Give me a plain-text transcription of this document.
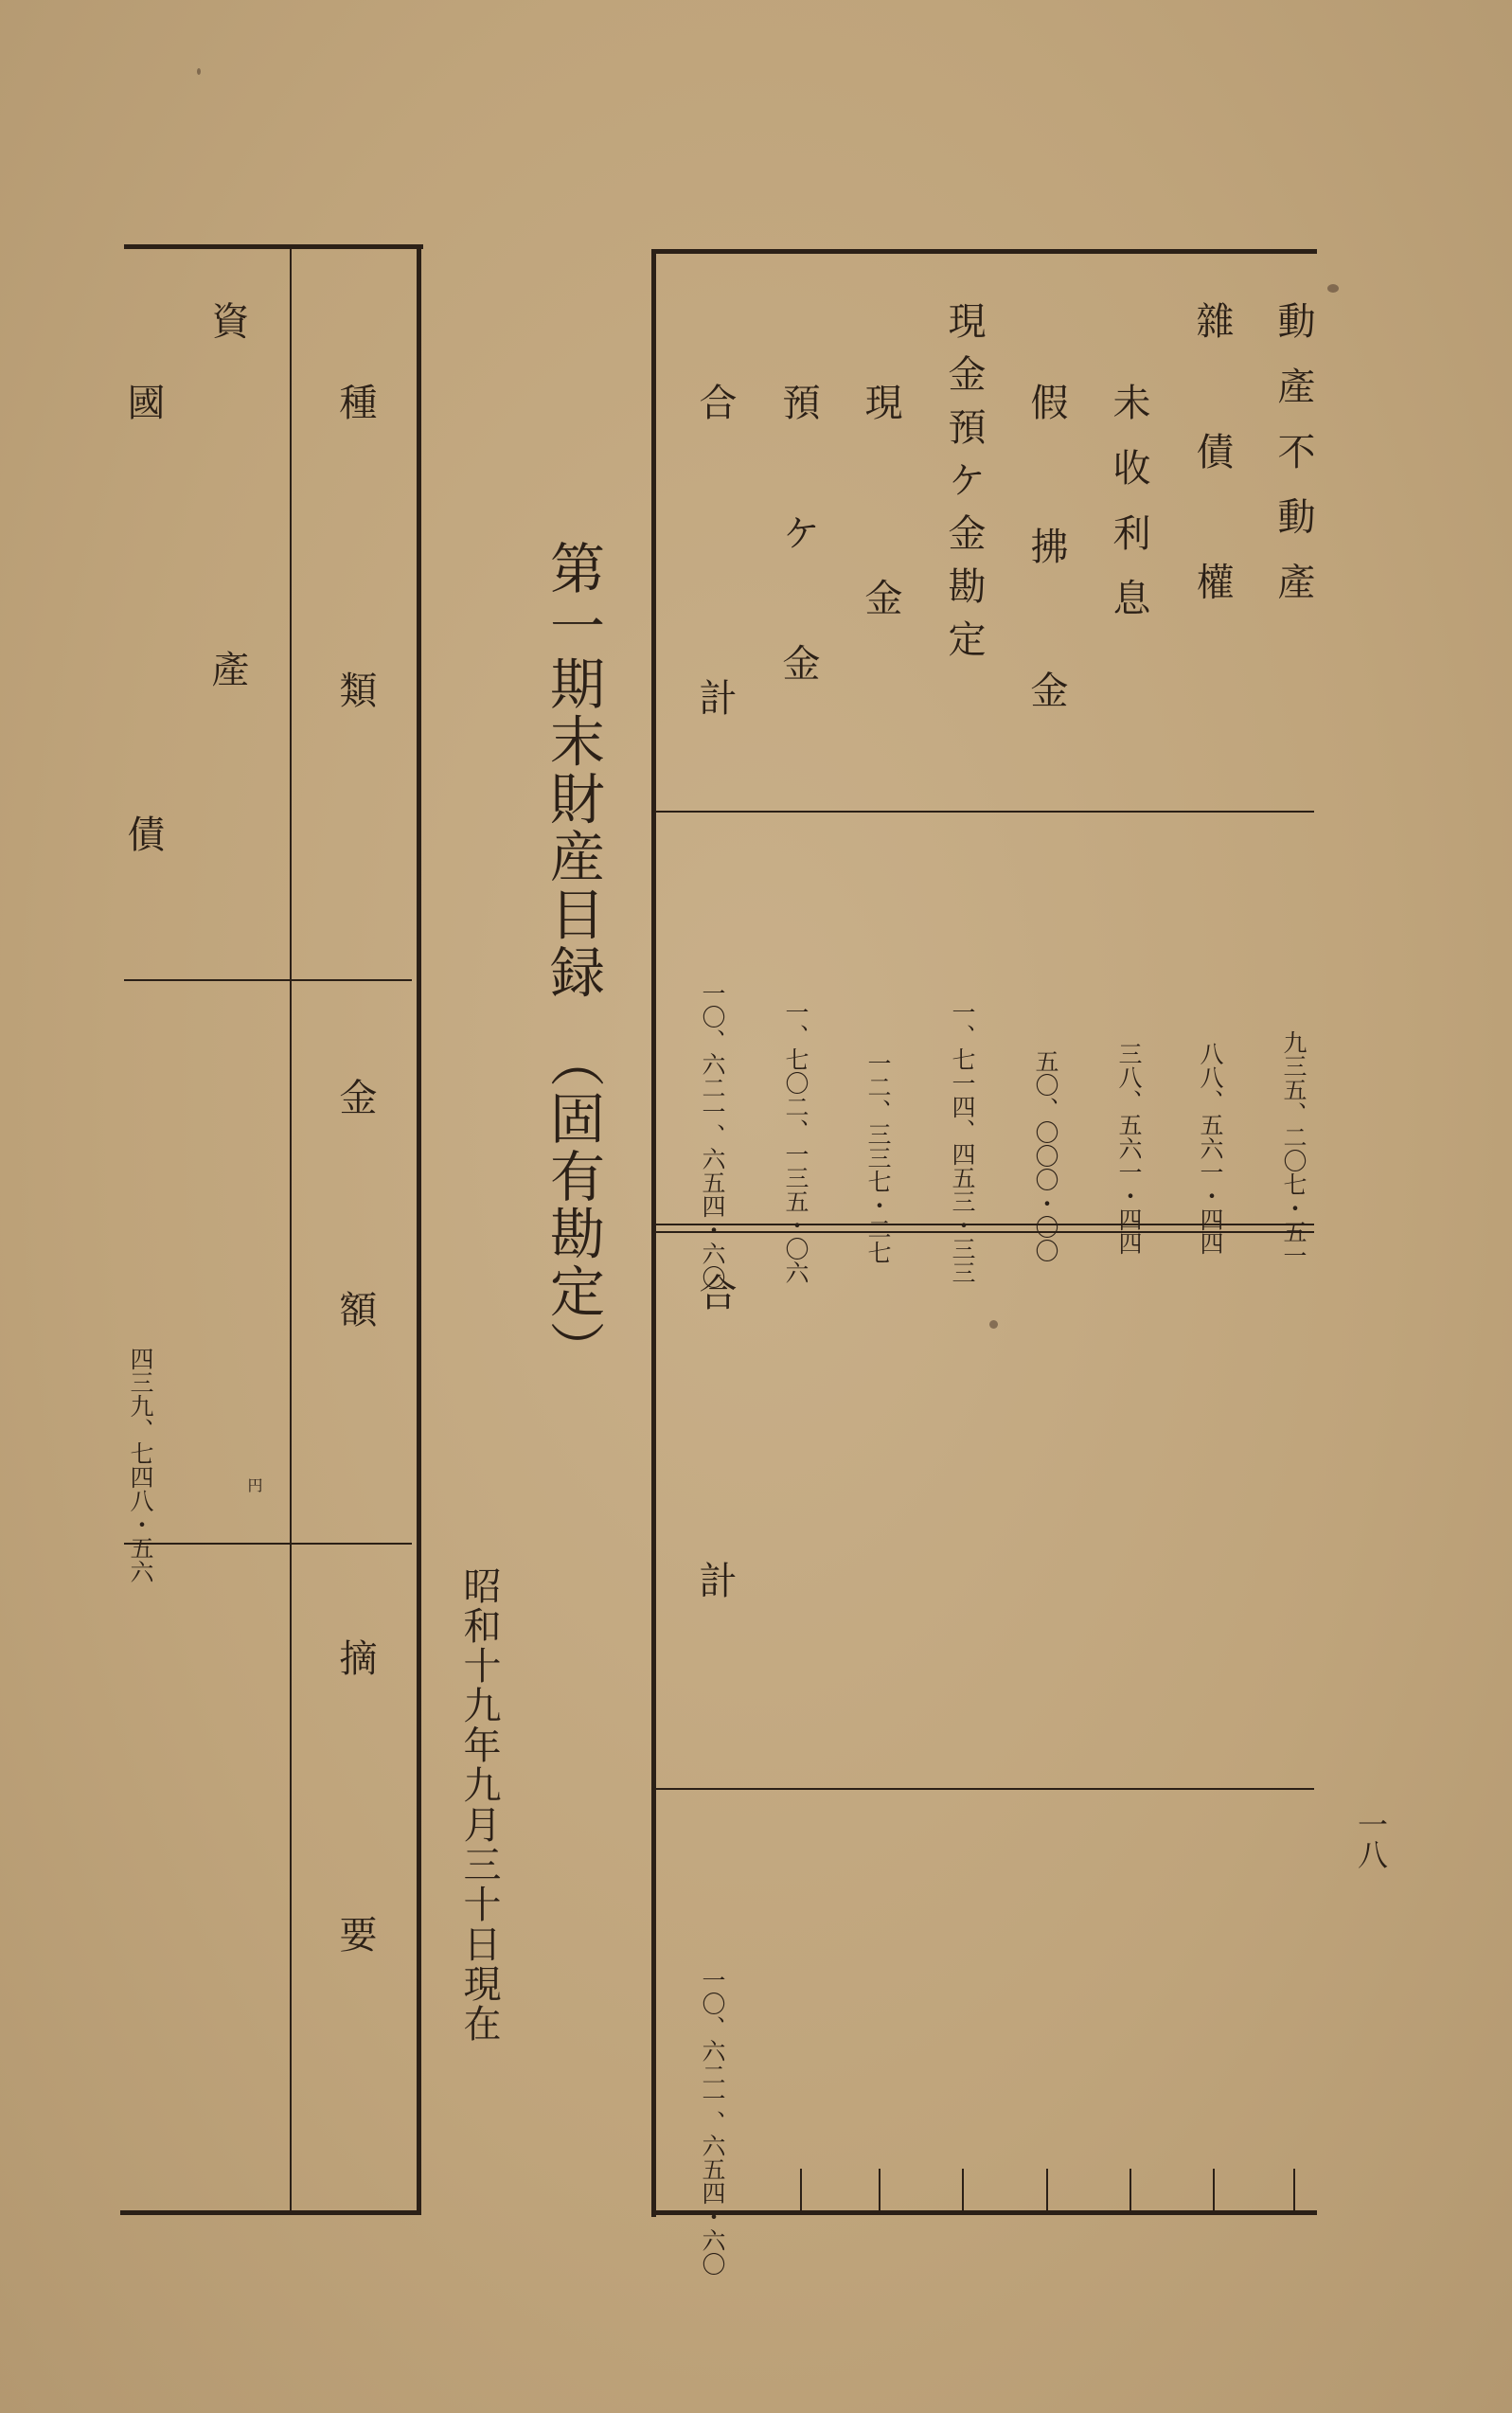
動產不動產
雜　債　權
未收利息
假　拂　金
現金預ケ金勘定
現　　金
預　ケ　金
合　　計
九三五、二〇七・五一
八八、五六一・四四
三八、五六一・四四
五〇、〇〇〇・〇〇
一、七一四、四五三・三三
一二、三三七・二七
一、七〇二、一三五・〇六
一〇、六二一、六五四・六〇
合計
一〇、六二一、六五四・六〇
第一期末財産目録
（固有勘定）
昭和十九年九月三十日現在
種類
金額
摘要
資　產
國　　債
四三九、七四八・五六	円
一八
